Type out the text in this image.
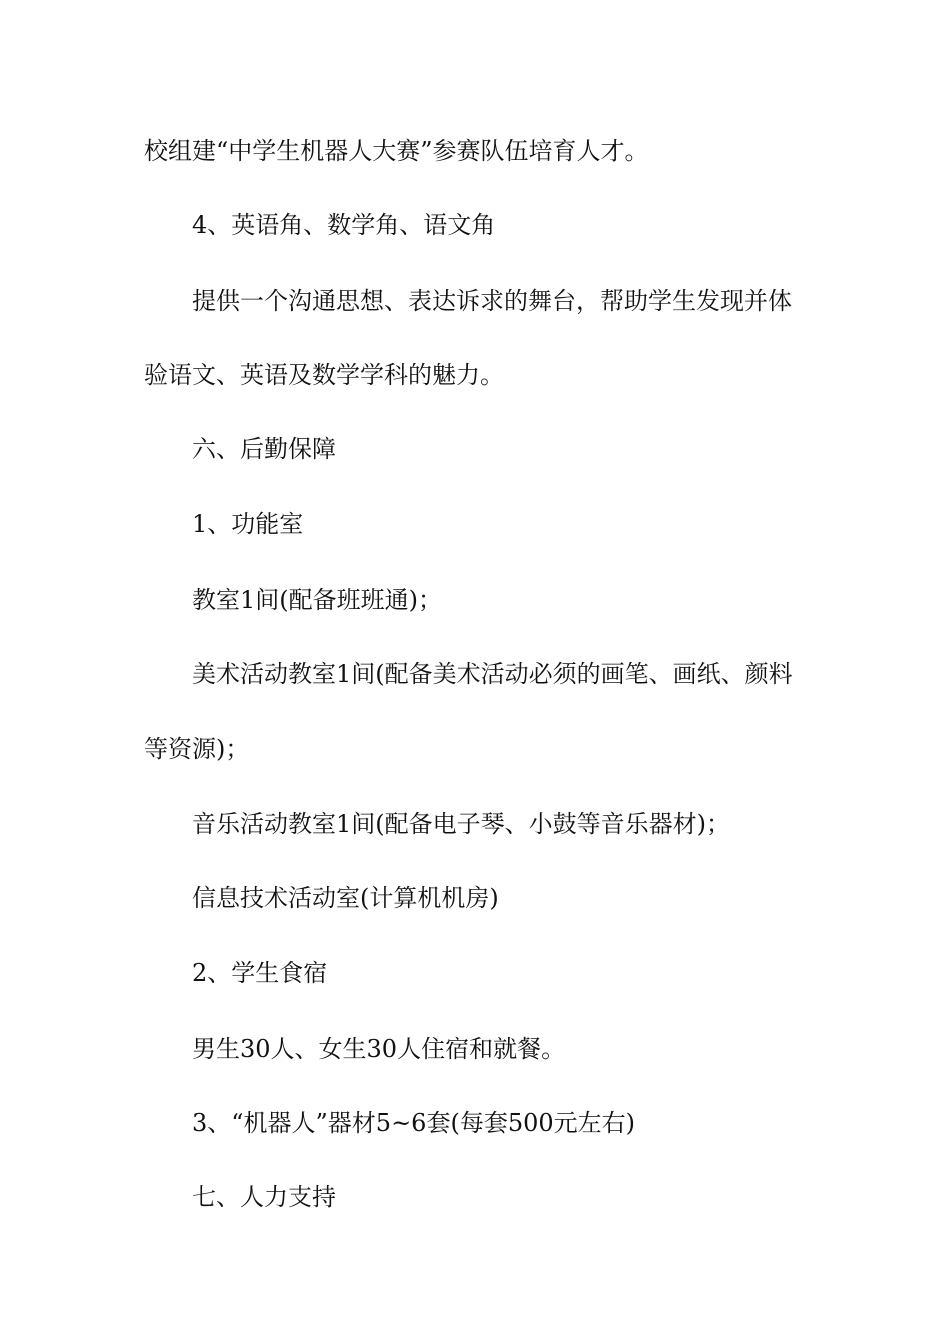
校组建“中学生机器人大赛”参赛队伍培育人才。
4、英语角、数学角、语文角
提供一个沟通思想、表达诉求的舞台，帮助学生发现并体
验语文、英语及数学学科的魅力。
六、后勤保障
1、功能室
教室1间(配备班班通)；
美术活动教室1间(配备美术活动必须的画笔、画纸、颜料
等资源)；
音乐活动教室1间(配备电子琴、小鼓等音乐器材)；
信息技术活动室(计算机机房)
2、学生食宿
男生30人、女生30人住宿和就餐。
3、“机器人”器材5~6套(每套500元左右)
七、人力支持
